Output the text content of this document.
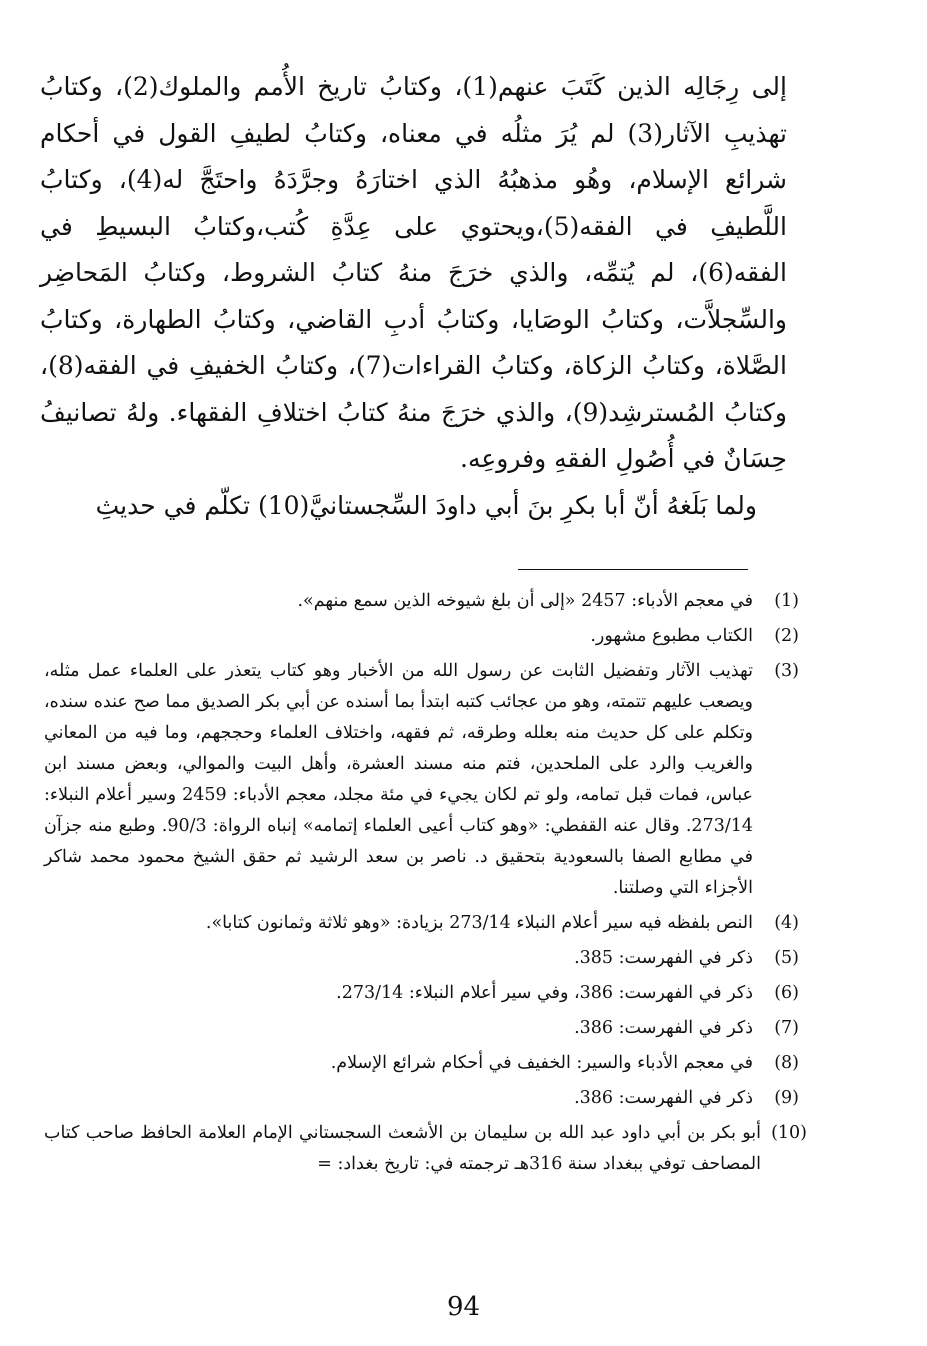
إلى رِجَالِه الذين كَتَبَ عنهم(1)، وكتابُ تاريخ الأُمم والملوك(2)، وكتابُ تهذيبِ الآثار(3) لم يُرَ مثلُه في معناه، وكتابُ لطيفِ القول في أحكام شرائع الإسلام، وهُو مذهبُهُ الذي اختارَهُ وجرَّدَهُ واحتَجَّ له(4)، وكتابُ اللَّطيفِ في الفقه(5)،ويحتوي على عِدَّةِ كُتب،وكتابُ البسيطِ في الفقه(6)، لم يُتمِّه، والذي خرَجَ منهُ كتابُ الشروط، وكتابُ المَحاضِر والسِّجلاَّت، وكتابُ الوصَايا، وكتابُ أدبِ القاضي، وكتابُ الطهارة، وكتابُ الصَّلاة، وكتابُ الزكاة، وكتابُ القراءات(7)، وكتابُ الخفيفِ في الفقه(8)، وكتابُ المُسترشِد(9)، والذي خرَجَ منهُ كتابُ اختلافِ الفقهاء. ولهُ تصانيفُ حِسَانٌ في أُصُولِ الفقهِ وفروعِه.

ولما بَلَغهُ أنّ أبا بكرِ بنَ أبي داودَ السِّجستانيَّ(10) تكلّم في حديثِ

(1)
في معجم الأدباء: 2457 «إلى أن بلغ شيوخه الذين سمع منهم».
(2)
الكتاب مطبوع مشهور.
(3)
تهذيب الآثار وتفضيل الثابت عن رسول الله من الأخبار وهو كتاب يتعذر على العلماء عمل مثله، ويصعب عليهم تتمته، وهو من عجائب كتبه ابتدأ بما أسنده عن أبي بكر الصديق مما صح عنده سنده، وتكلم على كل حديث منه بعلله وطرقه، ثم فقهه، واختلاف العلماء وحججهم، وما فيه من المعاني والغريب والرد على الملحدين، فتم منه مسند العشرة، وأهل البيت والموالي، وبعض مسند ابن عباس، فمات قبل تمامه، ولو تم لكان يجيء في مئة مجلد، معجم الأدباء: 2459 وسير أعلام النبلاء: 273/14. وقال عنه القفطي: «وهو كتاب أعيى العلماء إتمامه» إنباه الرواة: 90/3. وطبع منه جزآن في مطابع الصفا بالسعودية بتحقيق د. ناصر بن سعد الرشيد ثم حقق الشيخ محمود محمد شاكر الأجزاء التي وصلتنا.
(4)
النص بلفظه فيه سير أعلام النبلاء 273/14 بزيادة: «وهو ثلاثة وثمانون كتابا».
(5)
ذكر في الفهرست: 385.
(6)
ذكر في الفهرست: 386، وفي سير أعلام النبلاء: 273/14.
(7)
ذكر في الفهرست: 386.
(8)
في معجم الأدباء والسير: الخفيف في أحكام شرائع الإسلام.
(9)
ذكر في الفهرست: 386.
(10)
أبو بكر بن أبي داود عبد الله بن سليمان بن الأشعث السجستاني الإمام العلامة الحافظ صاحب كتاب المصاحف توفي ببغداد سنة 316هـ ترجمته في: تاريخ بغداد: =
94
